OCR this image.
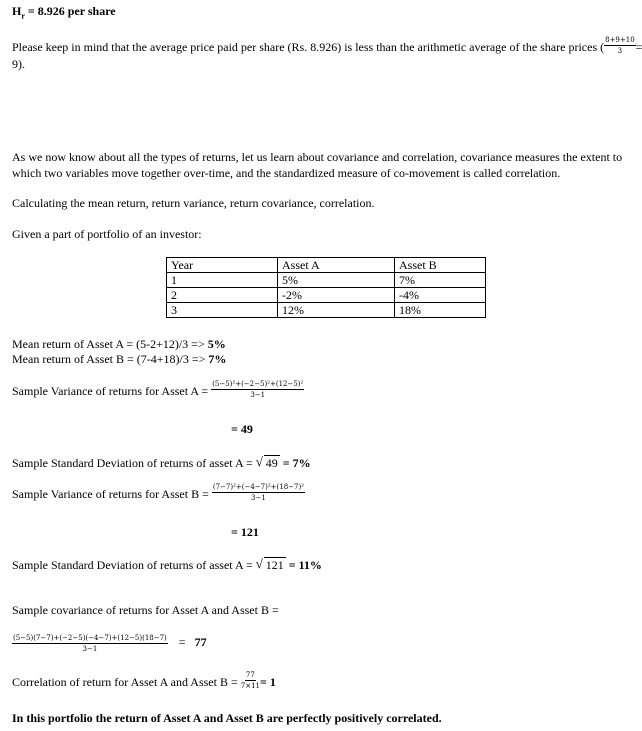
$H_r = 8.926$ per share
Please keep in mind that the average price paid per share (Rs. 8.926) is less than the arithmetic average of the share prices ( $\frac{8+9+10}{3}$ =
9).
As we now know about all the types of returns, let us learn about covariance and correlation, covariance measures the extent to
which two variables move together over-time, and the standardized measure of co-movement is called correlation.
Calculating the mean return, return variance, return covariance, correlation.
Given a part of portfolio of an investor:
Year	Asset A	Asset B
1	5%	7%
2	-2%	-4%
3	12%	18%
Mean return of Asset A = (5-2+12)/3 => 5%
Mean return of Asset B = (7-4+18)/3 => 7%
Sample Variance of returns for Asset $A = \frac{\text{(5−5)²+(−2−5)²+(12−5)²}}{3-1}$
= 49
Sample Standard Deviation of returns of asset A = √ 49 = 7%
Sample Variance of returns for Asset $B = \frac{\text{(7−7)²+(−4−7)²+(18−7)²}}{3-1}$
= 121
Sample Standard Deviation of returns of asset A = √ 121 = 11%
Sample covariance of returns for Asset A and Asset B =
$\frac{(5-5)(7-7)+(-2-5)(-4-7)+(12-5)(18-7)}{3-1} = 77$
Correlation of return for Asset A and Asset $B = \frac{77}{7\times 11} = 1$
In this portfolio the return of Asset A and Asset B are perfectly positively correlated.
